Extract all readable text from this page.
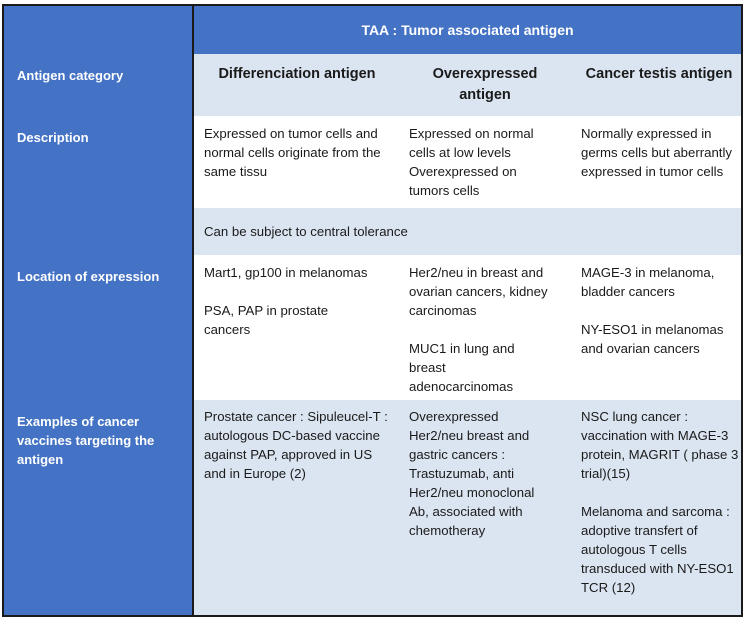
Antigen category
Description
Location of expression
Examples of cancer vaccines targeting the antigen
TAA : Tumor associated antigen
Differenciation antigen	Overexpressed antigen
Cancer testis antigen
Expressed on tumor cells and normal cells originate from the same tissu
Expressed on normal cells at low levels Overexpressed on tumors cells
Normally expressed in germs cells but aberrantly expressed in tumor cells
Can be subject to central tolerance

Mart1, gp100 in melanomas

PSA, PAP in prostate cancers

Her2/neu in breast and ovarian cancers, kidney carcinomas

MUC1 in lung and breast adenocarcinomas

MAGE-3 in melanoma, bladder cancers

NY-ESO1 in melanomas and ovarian cancers

Prostate cancer : Sipuleucel-T : autologous DC-based vaccine against PAP, approved in US and in Europe (2)
Overexpressed Her2/neu breast and gastric cancers : Trastuzumab, anti Her2/neu monoclonal Ab, associated with chemotheray

NSC lung cancer : vaccination with MAGE-3 protein, MAGRIT ( phase 3 trial)(15)

Melanoma and sarcoma : adoptive transfert of autologous T cells transduced with NY-ESO1 TCR (12)
